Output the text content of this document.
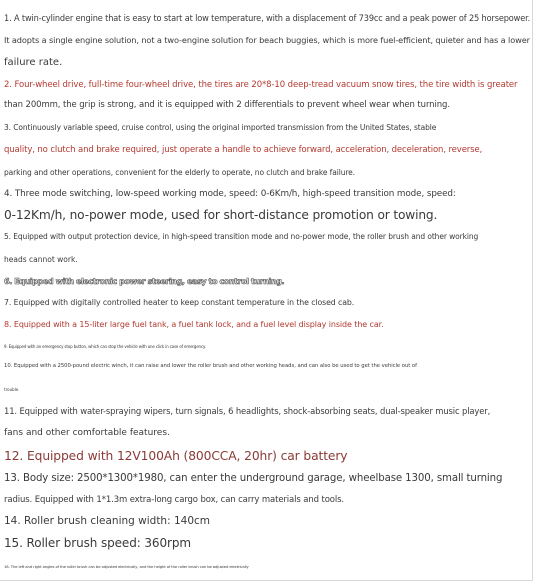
1. A twin-cylinder engine that is easy to start at low temperature, with a displacement of 739cc and a peak power of 25 horsepower.
It adopts a single engine solution, not a two-engine solution for beach buggies, which is more fuel-efficient, quieter and has a lower
failure rate.
2. Four-wheel drive, full-time four-wheel drive, the tires are 20*8-10 deep-tread vacuum snow tires, the tire width is greater
than 200mm, the grip is strong, and it is equipped with 2 differentials to prevent wheel wear when turning.
3. Continuously variable speed, cruise control, using the original imported transmission from the United States, stable
quality, no clutch and brake required, just operate a handle to achieve forward, acceleration, deceleration, reverse,
parking and other operations, convenient for the elderly to operate, no clutch and brake failure.
4. Three mode switching, low-speed working mode, speed: 0-6Km/h, high-speed transition mode, speed:
0-12Km/h, no-power mode, used for short-distance promotion or towing.
5. Equipped with output protection device, in high-speed transition mode and no-power mode, the roller brush and other working
heads cannot work.
6. Equipped with electronic power steering, easy to control turning.
7. Equipped with digitally controlled heater to keep constant temperature in the closed cab.
8. Equipped with a 15-liter large fuel tank, a fuel tank lock, and a fuel level display inside the car.
9. Equipped with an emergency stop button, which can stop the vehicle with one click in case of emergency.
10. Equipped with a 2500-pound electric winch, it can raise and lower the roller brush and other working heads, and can also be used to get the vehicle out of
trouble.
11. Equipped with water-spraying wipers, turn signals, 6 headlights, shock-absorbing seats, dual-speaker music player,
fans and other comfortable features.
12. Equipped with 12V100Ah (800CCA, 20hr) car battery
13. Body size: 2500*1300*1980, can enter the underground garage, wheelbase 1300, small turning
radius. Equipped with 1*1.3m extra-long cargo box, can carry materials and tools.
14. Roller brush cleaning width: 140cm
15. Roller brush speed: 360rpm
16. The left and right angles of the roller brush can be adjusted electrically, and the height of the roller brush can be adjusted electrically
